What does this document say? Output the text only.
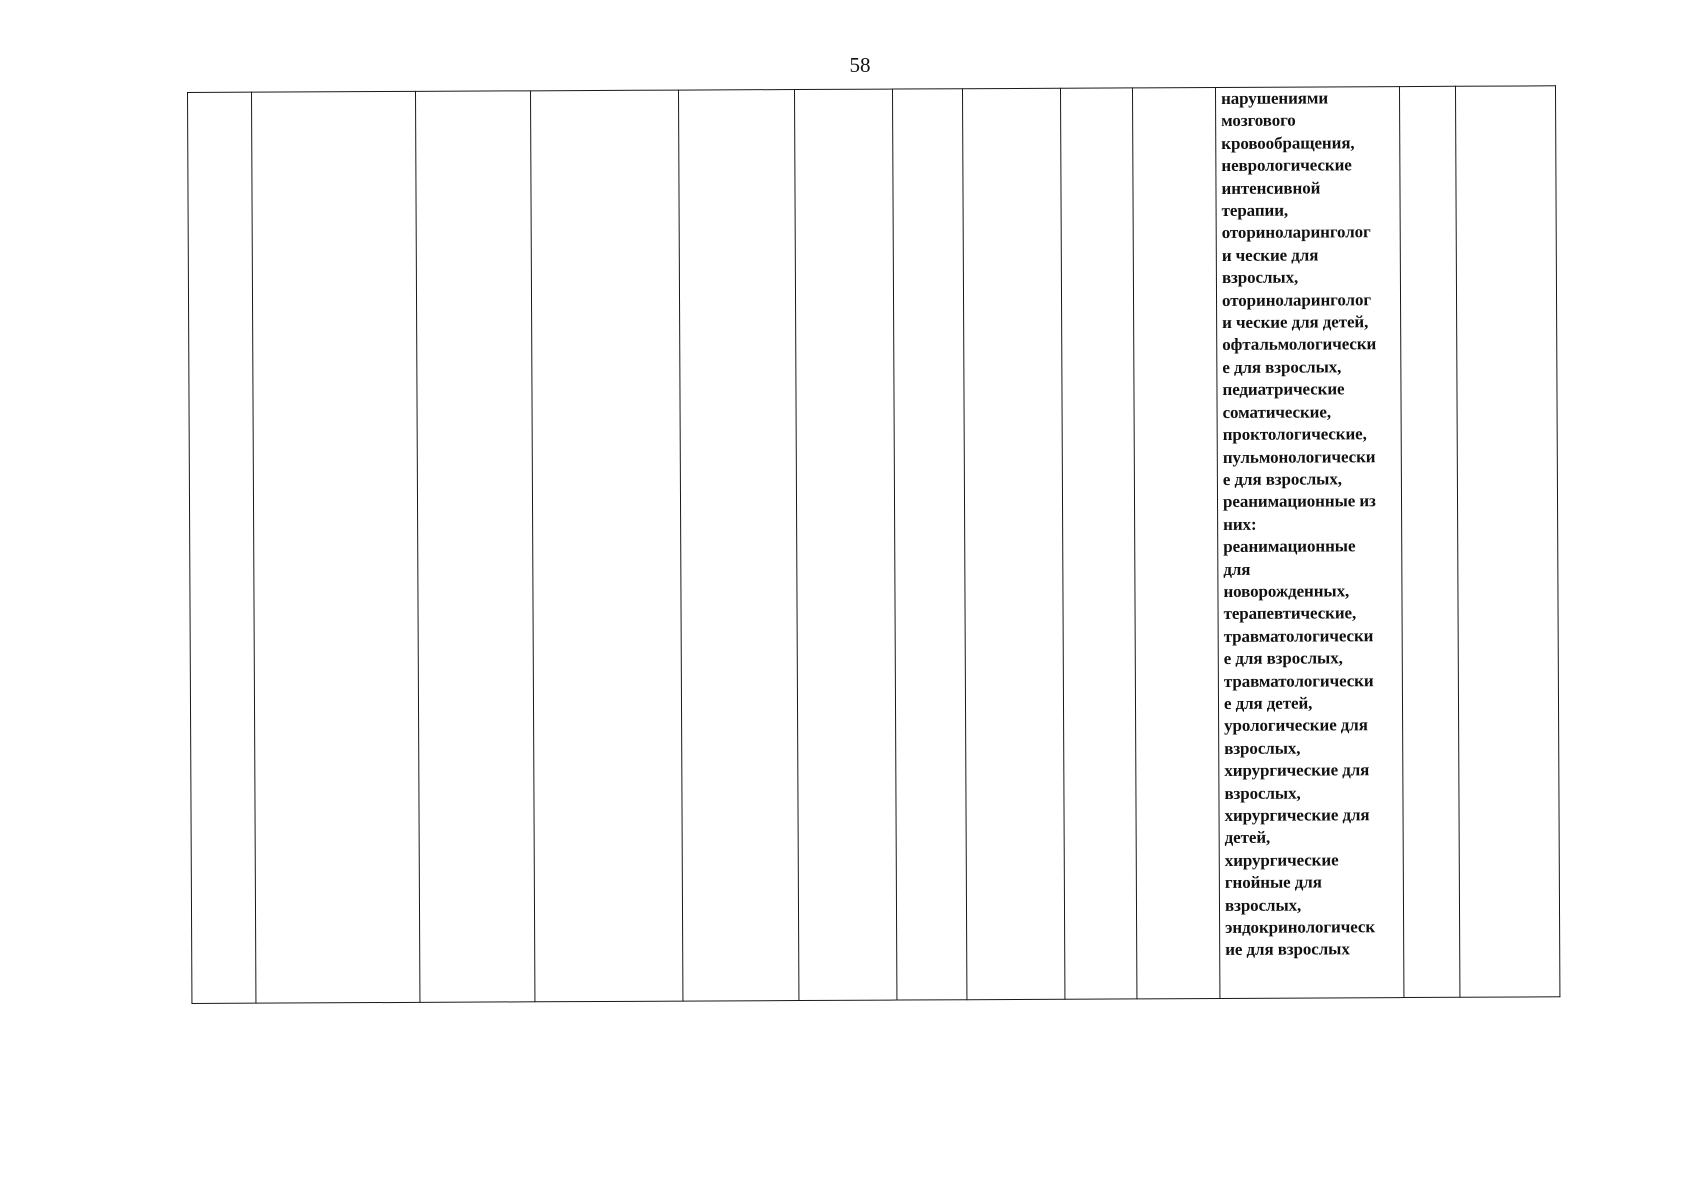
58

нарушениями
мозгового
кровообращения,
неврологические
интенсивной
терапии,
оториноларинголог
и ческие для
взрослых,
оториноларинголог
и ческие для детей,
офтальмологически
е для взрослых,
педиатрические
соматические,
проктологические,
пульмонологически
е для взрослых,
реанимационные из
них:
реанимационные
для
новорожденных,
терапевтические,
травматологически
е для взрослых,
травматологически
е для детей,
урологические для
взрослых,
хирургические для
взрослых,
хирургические для
детей,
хирургические
гнойные для
взрослых,
эндокринологическ
ие для взрослых
